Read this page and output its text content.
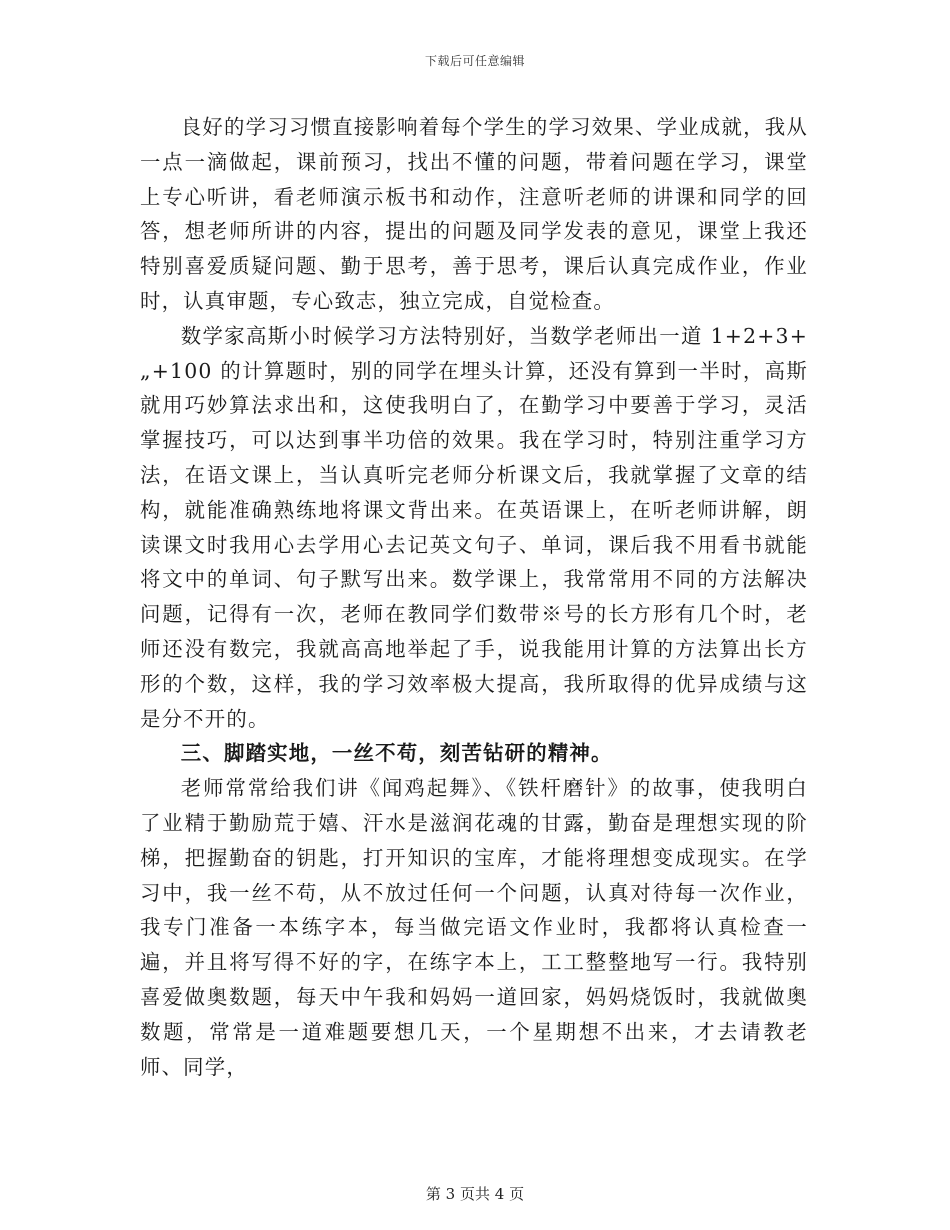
下载后可任意编辑

良好的学习习惯直接影响着每个学生的学习效果、学业成就，我从一点一滴做起，课前预习，找出不懂的问题，带着问题在学习，课堂上专心听讲，看老师演示板书和动作，注意听老师的讲课和同学的回答，想老师所讲的内容，提出的问题及同学发表的意见，课堂上我还特别喜爱质疑问题、勤于思考，善于思考，课后认真完成作业，作业时，认真审题，专心致志，独立完成，自觉检查。

数学家高斯小时候学习方法特别好，当数学老师出一道 1+2+3+„+100 的计算题时，别的同学在埋头计算，还没有算到一半时，高斯就用巧妙算法求出和，这使我明白了，在勤学习中要善于学习，灵活掌握技巧，可以达到事半功倍的效果。我在学习时，特别注重学习方法，在语文课上，当认真听完老师分析课文后，我就掌握了文章的结构，就能准确熟练地将课文背出来。在英语课上，在听老师讲解，朗读课文时我用心去学用心去记英文句子、单词，课后我不用看书就能将文中的单词、句子默写出来。数学课上，我常常用不同的方法解决问题，记得有一次，老师在教同学们数带※号的长方形有几个时，老师还没有数完，我就高高地举起了手，说我能用计算的方法算出长方形的个数，这样，我的学习效率极大提高，我所取得的优异成绩与这是分不开的。

三、脚踏实地，一丝不苟，刻苦钻研的精神。

老师常常给我们讲《闻鸡起舞》、《铁杆磨针》的故事，使我明白了业精于勤励荒于嬉、汗水是滋润花魂的甘露，勤奋是理想实现的阶梯，把握勤奋的钥匙，打开知识的宝库，才能将理想变成现实。在学习中，我一丝不苟，从不放过任何一个问题，认真对待每一次作业，我专门准备一本练字本，每当做完语文作业时，我都将认真检查一遍，并且将写得不好的字，在练字本上，工工整整地写一行。我特别喜爱做奥数题，每天中午我和妈妈一道回家，妈妈烧饭时，我就做奥数题，常常是一道难题要想几天，一个星期想不出来，才去请教老师、同学，

第 3 页共 4 页
